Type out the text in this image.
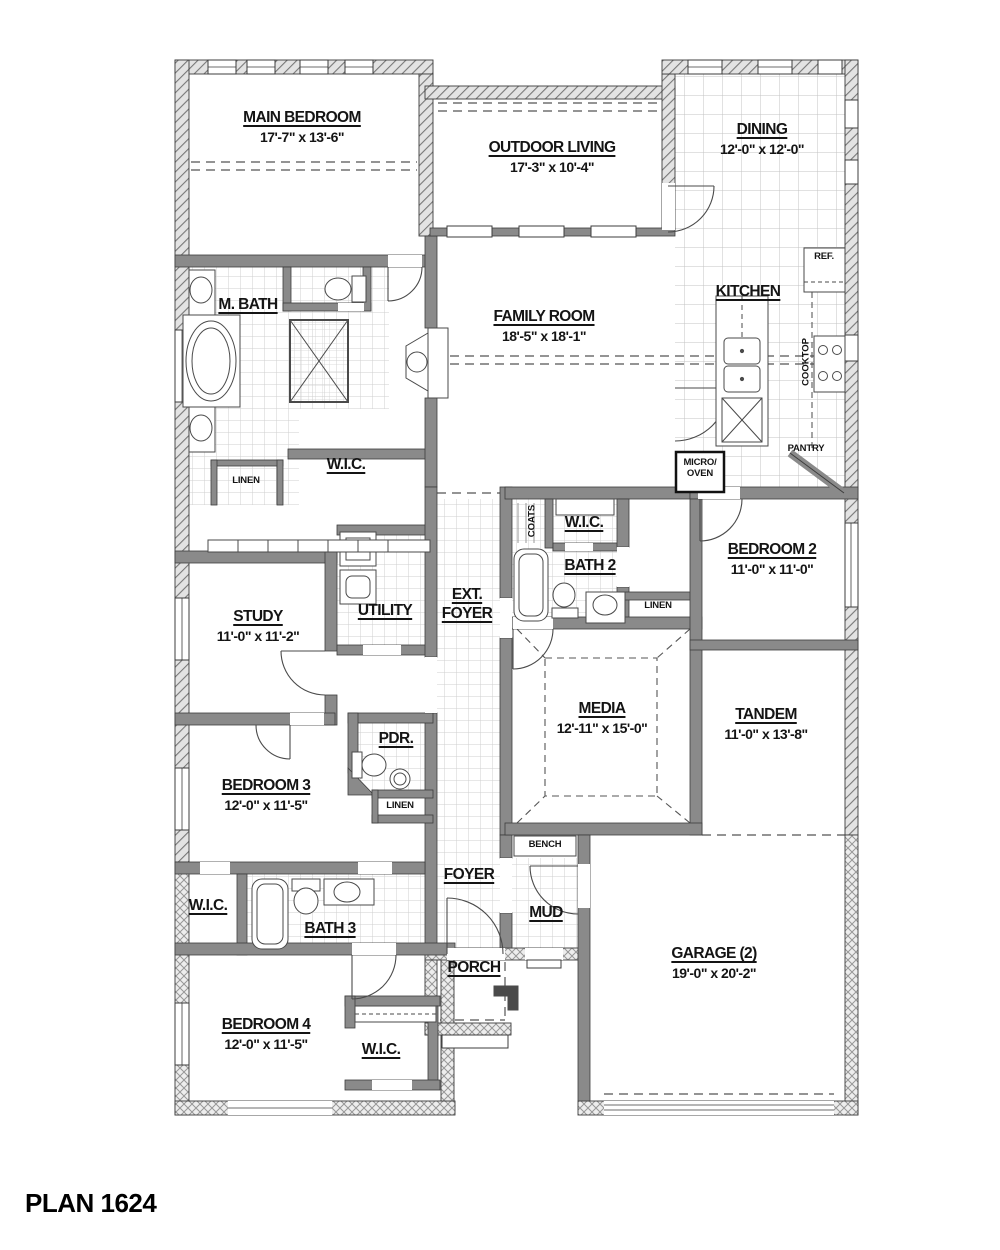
MAIN BEDROOM
17'-7" x 13'-6"
OUTDOOR LIVING
17'-3" x 10'-4"
DINING
12'-0" x 12'-0"
KITCHEN
FAMILY ROOM
18'-5" x 18'-1"
M. BATH
W.I.C.
STUDY
11'-0" x 11'-2"
UTILITY
EXT.
FOYER
W.I.C.
BATH 2
BEDROOM 2
11'-0" x 11'-0"
MEDIA
12'-11" x 15'-0"
TANDEM
11'-0" x 13'-8"
PDR.
BEDROOM 3
12'-0" x 11'-5"
W.I.C.
BATH 3
BEDROOM 4
12'-0" x 11'-5"	W.I.C.
FOYER
MUD
PORCH
GARAGE (2)
19'-0" x 20'-2"
LINEN
LINEN
LINEN
BENCH
REF.
PANTRY
MICRO/
OVEN
COATS
COOKTOP
PLAN 1624
